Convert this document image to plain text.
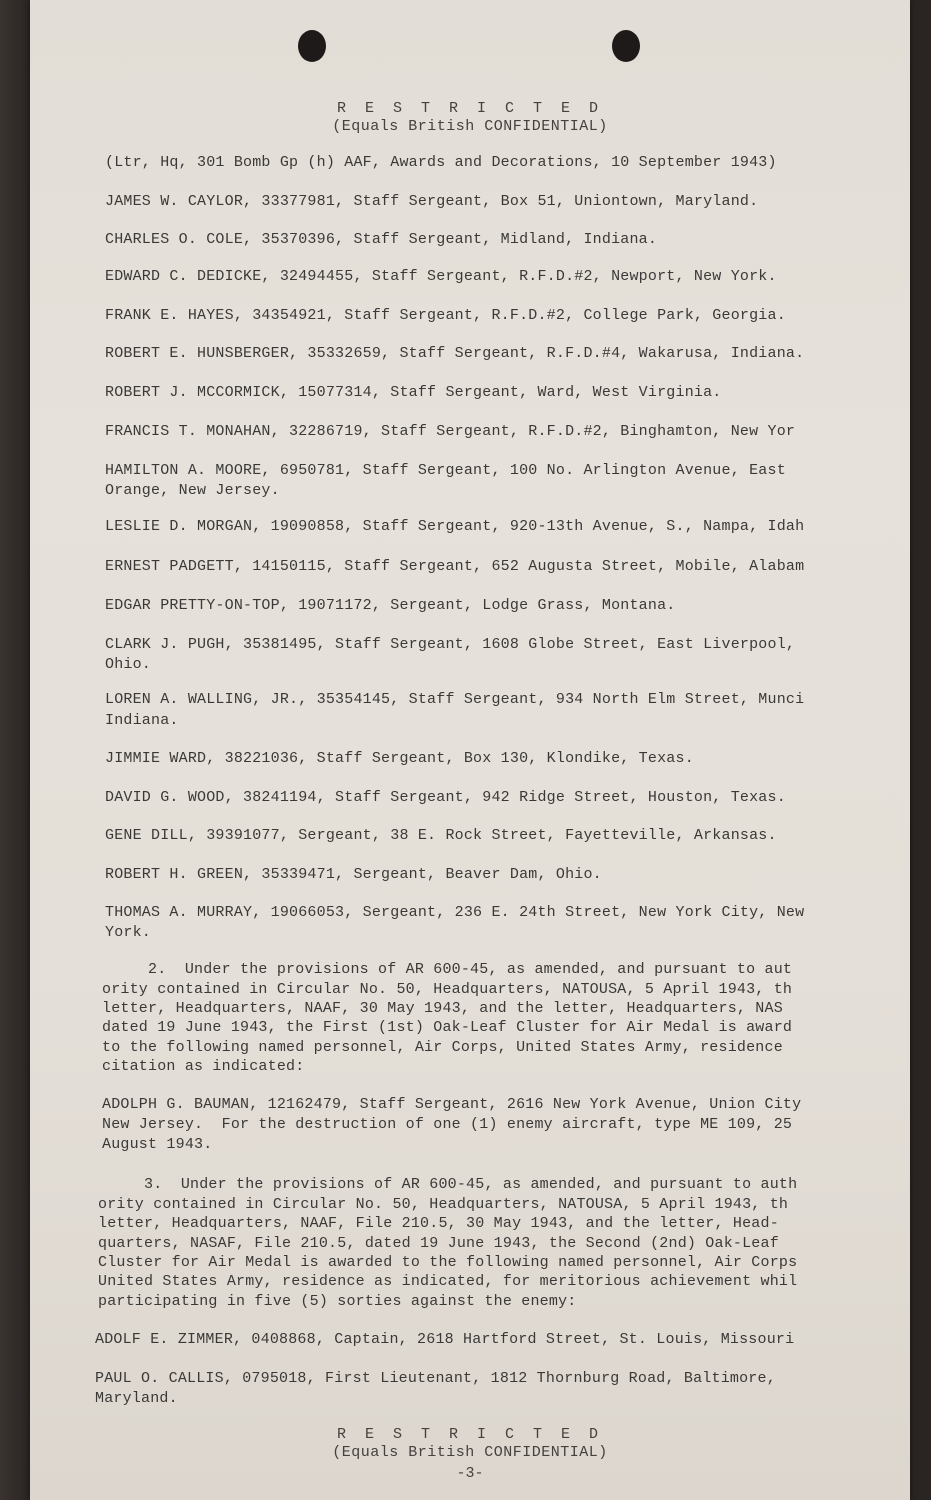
R E S T R I C T E D
(Equals British CONFIDENTIAL)
(Ltr, Hq, 301 Bomb Gp (h) AAF, Awards and Decorations, 10 September 1943)
JAMES W. CAYLOR, 33377981, Staff Sergeant, Box 51, Uniontown, Maryland.
CHARLES O. COLE, 35370396, Staff Sergeant, Midland, Indiana.
EDWARD C. DEDICKE, 32494455, Staff Sergeant, R.F.D.#2, Newport, New York.
FRANK E. HAYES, 34354921, Staff Sergeant, R.F.D.#2, College Park, Georgia.
ROBERT E. HUNSBERGER, 35332659, Staff Sergeant, R.F.D.#4, Wakarusa, Indiana.
ROBERT J. MCCORMICK, 15077314, Staff Sergeant, Ward, West Virginia.
FRANCIS T. MONAHAN, 32286719, Staff Sergeant, R.F.D.#2, Binghamton, New Yor
HAMILTON A. MOORE, 6950781, Staff Sergeant, 100 No. Arlington Avenue, East
Orange, New Jersey.
LESLIE D. MORGAN, 19090858, Staff Sergeant, 920-13th Avenue, S., Nampa, Idah
ERNEST PADGETT, 14150115, Staff Sergeant, 652 Augusta Street, Mobile, Alabam
EDGAR PRETTY-ON-TOP, 19071172, Sergeant, Lodge Grass, Montana.
CLARK J. PUGH, 35381495, Staff Sergeant, 1608 Globe Street, East Liverpool,
Ohio.
LOREN A. WALLING, JR., 35354145, Staff Sergeant, 934 North Elm Street, Munci
Indiana.
JIMMIE WARD, 38221036, Staff Sergeant, Box 130, Klondike, Texas.
DAVID G. WOOD, 38241194, Staff Sergeant, 942 Ridge Street, Houston, Texas.
GENE DILL, 39391077, Sergeant, 38 E. Rock Street, Fayetteville, Arkansas.
ROBERT H. GREEN, 35339471, Sergeant, Beaver Dam, Ohio.
THOMAS A. MURRAY, 19066053, Sergeant, 236 E. 24th Street, New York City, New
York.
2.  Under the provisions of AR 600-45, as amended, and pursuant to aut
ority contained in Circular No. 50, Headquarters, NATOUSA, 5 April 1943, th
letter, Headquarters, NAAF, 30 May 1943, and the letter, Headquarters, NAS
dated 19 June 1943, the First (1st) Oak-Leaf Cluster for Air Medal is award
to the following named personnel, Air Corps, United States Army, residence
citation as indicated:
ADOLPH G. BAUMAN, 12162479, Staff Sergeant, 2616 New York Avenue, Union City
New Jersey.  For the destruction of one (1) enemy aircraft, type ME 109, 25
August 1943.
3.  Under the provisions of AR 600-45, as amended, and pursuant to auth
ority contained in Circular No. 50, Headquarters, NATOUSA, 5 April 1943, th
letter, Headquarters, NAAF, File 210.5, 30 May 1943, and the letter, Head-
quarters, NASAF, File 210.5, dated 19 June 1943, the Second (2nd) Oak-Leaf
Cluster for Air Medal is awarded to the following named personnel, Air Corps
United States Army, residence as indicated, for meritorious achievement whil
participating in five (5) sorties against the enemy:
ADOLF E. ZIMMER, 0408868, Captain, 2618 Hartford Street, St. Louis, Missouri
PAUL O. CALLIS, 0795018, First Lieutenant, 1812 Thornburg Road, Baltimore,
Maryland.
R E S T R I C T E D
(Equals British CONFIDENTIAL)
-3-
